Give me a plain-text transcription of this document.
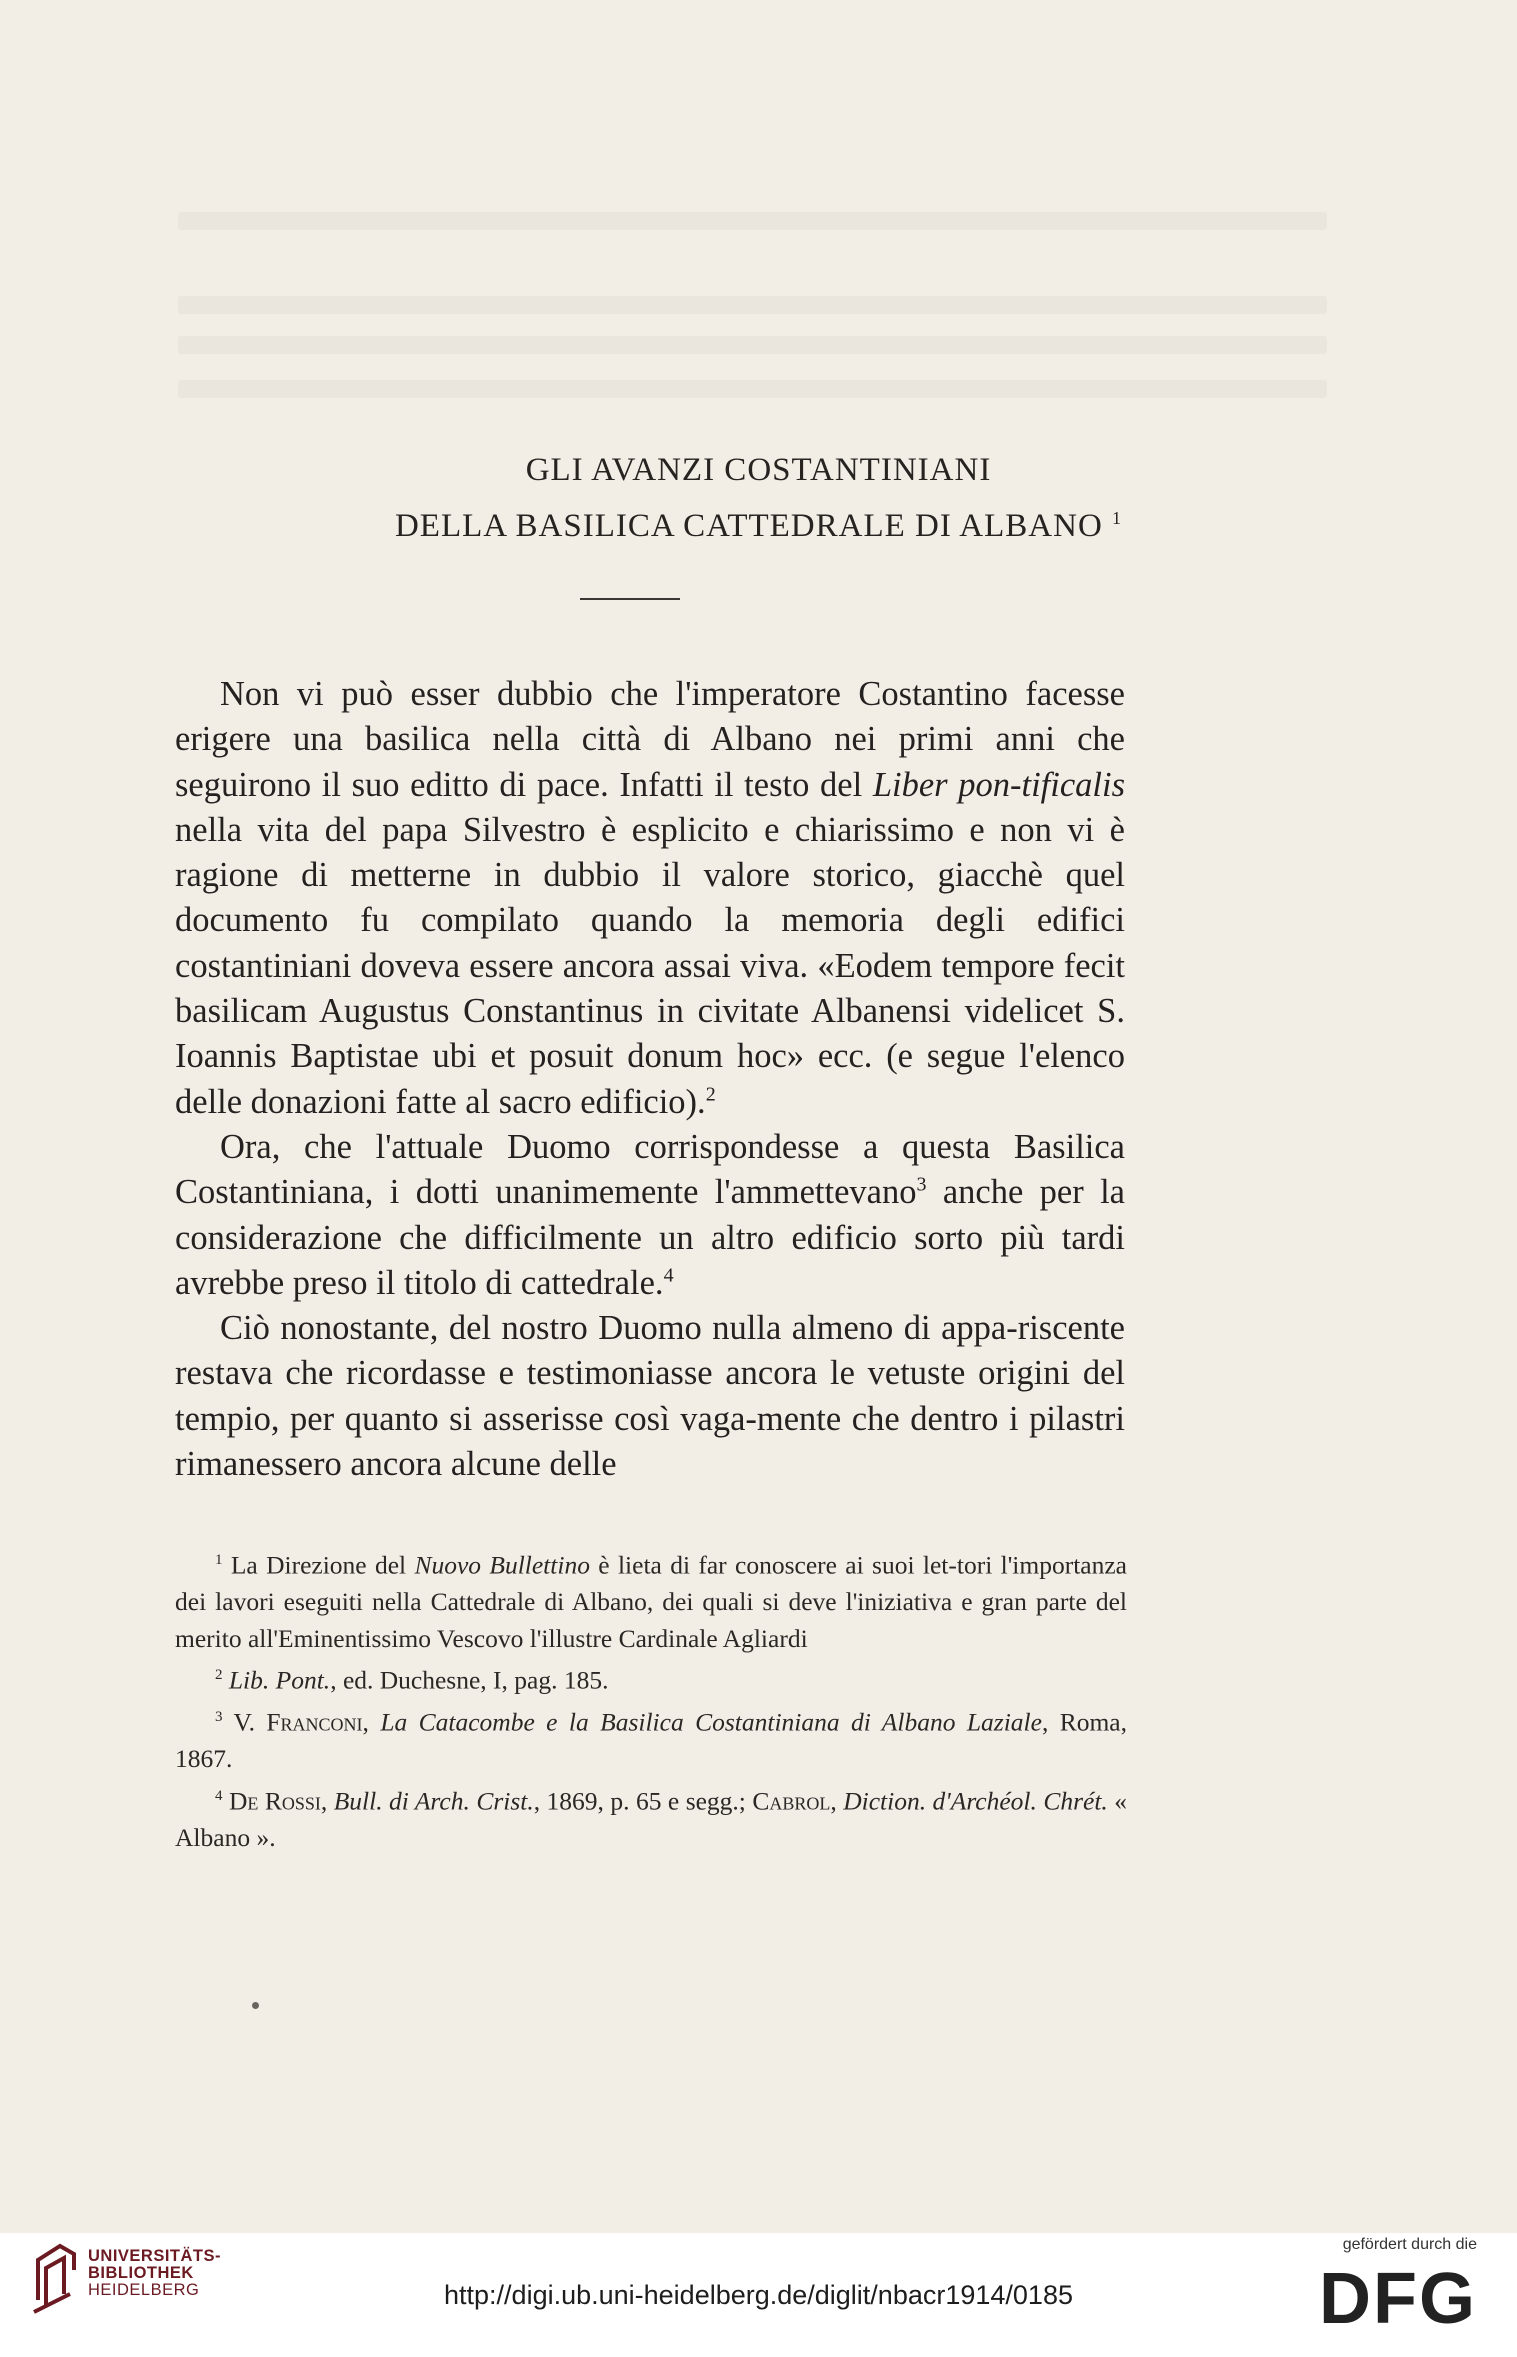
GLI AVANZI COSTANTINIANI
DELLA BASILICA CATTEDRALE DI ALBANO $^1$

Non vi può esser dubbio che l'imperatore Costantino facesse erigere una basilica nella città di Albano nei primi anni che seguirono il suo editto di pace. Infatti il testo del Liber pon-tificalis nella vita del papa Silvestro è esplicito e chiarissimo e non vi è ragione di metterne in dubbio il valore storico, giacchè quel documento fu compilato quando la memoria degli edifici costantiniani doveva essere ancora assai viva. «Eodem tempore fecit basilicam Augustus Constantinus in civitate Albanensi videlicet S. Ioannis Baptistae ubi et posuit donum hoc» ecc. (e segue l'elenco delle donazioni fatte al sacro edificio).$^2$

Ora, che l'attuale Duomo corrispondesse a questa Basilica Costantiniana, i dotti unanimemente l'ammettevano$^3$ anche per la considerazione che difficilmente un altro edificio sorto più tardi avrebbe preso il titolo di cattedrale.$^4$

Ciò nonostante, del nostro Duomo nulla almeno di appa-riscente restava che ricordasse e testimoniasse ancora le vetuste origini del tempio, per quanto si asserisse così vaga-mente che dentro i pilastri rimanessero ancora alcune delle

$^1$ La Direzione del Nuovo Bullettino è lieta di far conoscere ai suoi let-tori l'importanza dei lavori eseguiti nella Cattedrale di Albano, dei quali si deve l'iniziativa e gran parte del merito all'Eminentissimo Vescovo l'illustre Cardinale Agliardi

$^2$ Lib. Pont., ed. Duchesne, I, pag. 185.

$^3$ V. Franconi, La Catacombe e la Basilica Costantiniana di Albano Laziale, Roma, 1867.

$^4$ De Rossi, Bull. di Arch. Crist., 1869, p. 65 e segg.; Cabrol, Diction. d'Archéol. Chrét. « Albano ».

UNIVERSITÄTS-
BIBLIOTHEK
HEIDELBERG	http://digi.ub.uni-heidelberg.de/diglit/nbacr1914/0185
gefördert durch die
DFG
